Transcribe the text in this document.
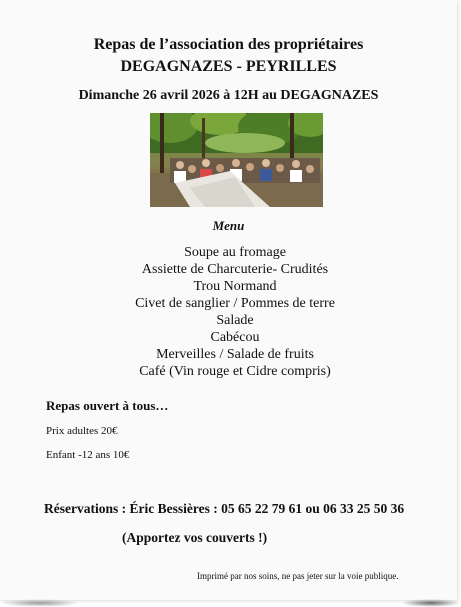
Repas de l’association des propriétaires
DEGAGNAZES - PEYRILLES
Dimanche 26 avril 2026 à 12H au DEGAGNAZES
Menu
Soupe au fromage
Assiette de Charcuterie- Crudités
Trou Normand
Civet de sanglier / Pommes de terre
Salade
Cabécou
Merveilles / Salade de fruits
Café (Vin rouge et Cidre compris)
Repas ouvert à tous…
Prix adultes 20€
Enfant -12 ans 10€
Réservations : Éric Bessières : 05 65 22 79 61 ou 06 33 25 50 36
(Apportez vos couverts !)
Imprimé par nos soins, ne pas jeter sur la voie publique.
